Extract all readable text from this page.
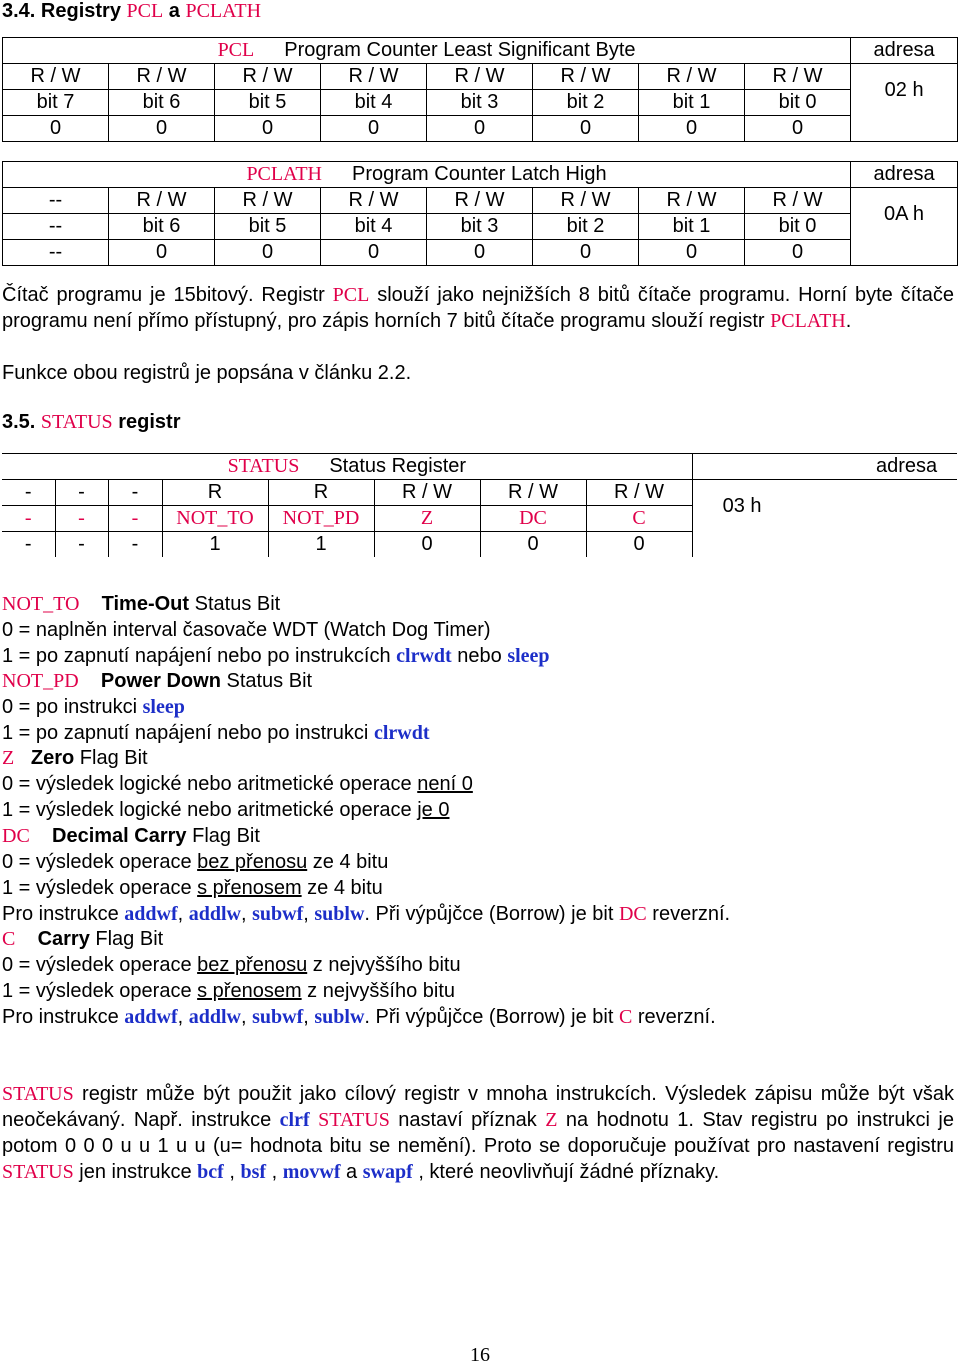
3.4. Registry PCL a PCLATH
PCL Program Counter Least Significant Byte								adresa
R / W	R / W	R / W	R / W	R / W	R / W	R / W	R / W	02 h
bit 7	bit 6	bit 5	bit 4	bit 3	bit 2	bit 1	bit 0	
0	0	0	0	0	0	0	0	
PCLATH Program Counter Latch High								adresa
--	R / W	R / W	R / W	R / W	R / W	R / W	R / W	0A h
--	bit 6	bit 5	bit 4	bit 3	bit 2	bit 1	bit 0	
--	0	0	0	0	0	0	0	
Čítač programu je 15bitový. Registr PCL slouží jako nejnižších 8 bitů čítače programu. Horní byte čítače programu není přímo přístupný, pro zápis horních 7 bitů čítače programu slouží registr PCLATH.
Funkce obou registrů je popsána v článku 2.2.
3.5. STATUS registr
STATUS Status Register								adresa
-	-	-	R	R	R / W	R / W	R / W	03 h
-	-	-	NOT_TO	NOT_PD	Z	DC	C	
-	-	-	1	1	0	0	0	
NOT_TO Time-Out Status Bit
0 = naplněn interval časovače WDT (Watch Dog Timer)
1 = po zapnutí napájení nebo po instrukcích clrwdt nebo sleep
NOT_PD Power Down Status Bit
0 = po instrukci sleep
1 = po zapnutí napájení nebo po instrukci clrwdt
Z Zero Flag Bit
0 = výsledek logické nebo aritmetické operace není 0
1 = výsledek logické nebo aritmetické operace je 0
DC Decimal Carry Flag Bit
0 = výsledek operace bez přenosu ze 4 bitu
1 = výsledek operace s přenosem ze 4 bitu
Pro instrukce addwf, addlw, subwf, sublw. Při výpůjčce (Borrow) je bit DC reverzní.
C Carry Flag Bit
0 = výsledek operace bez přenosu z nejvyššího bitu
1 = výsledek operace s přenosem z nejvyššího bitu
Pro instrukce addwf, addlw, subwf, sublw. Při výpůjčce (Borrow) je bit C reverzní.
STATUS registr může být použit jako cílový registr v mnoha instrukcích. Výsledek zápisu může být však neočekávaný. Např. instrukce clrf STATUS nastaví příznak Z na hodnotu 1. Stav registru po instrukci je potom 0 0 0 u u 1 u u (u= hodnota bitu se nemění). Proto se doporučuje používat pro nastavení registru STATUS jen instrukce bcf , bsf , movwf a swapf , které neovlivňují žádné příznaky.
16
